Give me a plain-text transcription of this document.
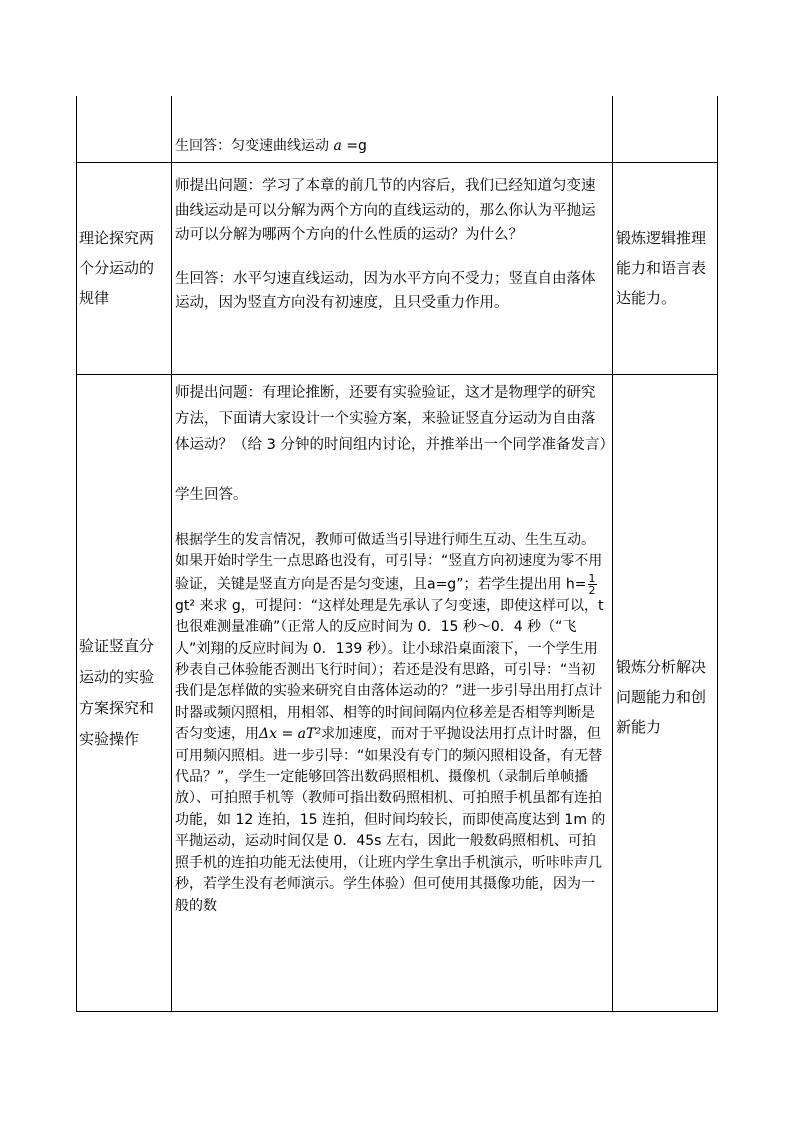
生回答：匀变速曲线运动 a =g

理论探究两个分运动的规律

师提出问题：学习了本章的前几节的内容后，我们已经知道匀变速曲线运动是可以分解为两个方向的直线运动的，那么你认为平抛运动可以分解为哪两个方向的什么性质的运动？为什么？

生回答：水平匀速直线运动，因为水平方向不受力；竖直自由落体运动，因为竖直方向没有初速度，且只受重力作用。

锻炼逻辑推理能力和语言表达能力。

验证竖直分运动的实验方案探究和实验操作

师提出问题：有理论推断，还要有实验验证，这才是物理学的研究方法，下面请大家设计一个实验方案，来验证竖直分运动为自由落体运动？（给 3 分钟的时间组内讨论，并推举出一个同学准备发言）

学生回答。

根据学生的发言情况，教师可做适当引导进行师生互动、生生互动。如果开始时学生一点思路也没有，可引导：“竖直方向初速度为零不用验证，关键是竖直方向是否是匀变速，且a=g”；若学生提出用 $h= \frac{1}{2}$
gt² 来求 g，可提问：“这样处理是先承认了匀变速，即使这样可以，t 也很难测量准确”（正常人的反应时间为 0．15 秒～0．4 秒（“飞人”刘翔的反应时间为 0．139 秒）。让小球沿桌面滚下，一个学生用秒表自己体验能否测出飞行时间）；若还是没有思路，可引导：“当初我们是怎样做的实验来研究自由落体运动的？”进一步引导出用打点计时器或频闪照相，用相邻、相等的时间间隔内位移差是否相等判断是否匀变速，用Δx = aT²求加速度，而对于平抛设法用打点计时器，但可用频闪照相。进一步引导：“如果没有专门的频闪照相设备，有无替代品？”，学生一定能够回答出数码照相机、摄像机（录制后单帧播放）、可拍照手机等（教师可指出数码照相机、可拍照手机虽都有连拍功能，如 12 连拍，15 连拍，但时间均较长，而即使高度达到 1m 的平抛运动，运动时间仅是 0．45s 左右，因此一般数码照相机、可拍照手机的连拍功能无法使用，（让班内学生拿出手机演示，听咔咔声几秒，若学生没有老师演示。学生体验）但可使用其摄像功能，因为一般的数

锻炼分析解决问题能力和创新能力
